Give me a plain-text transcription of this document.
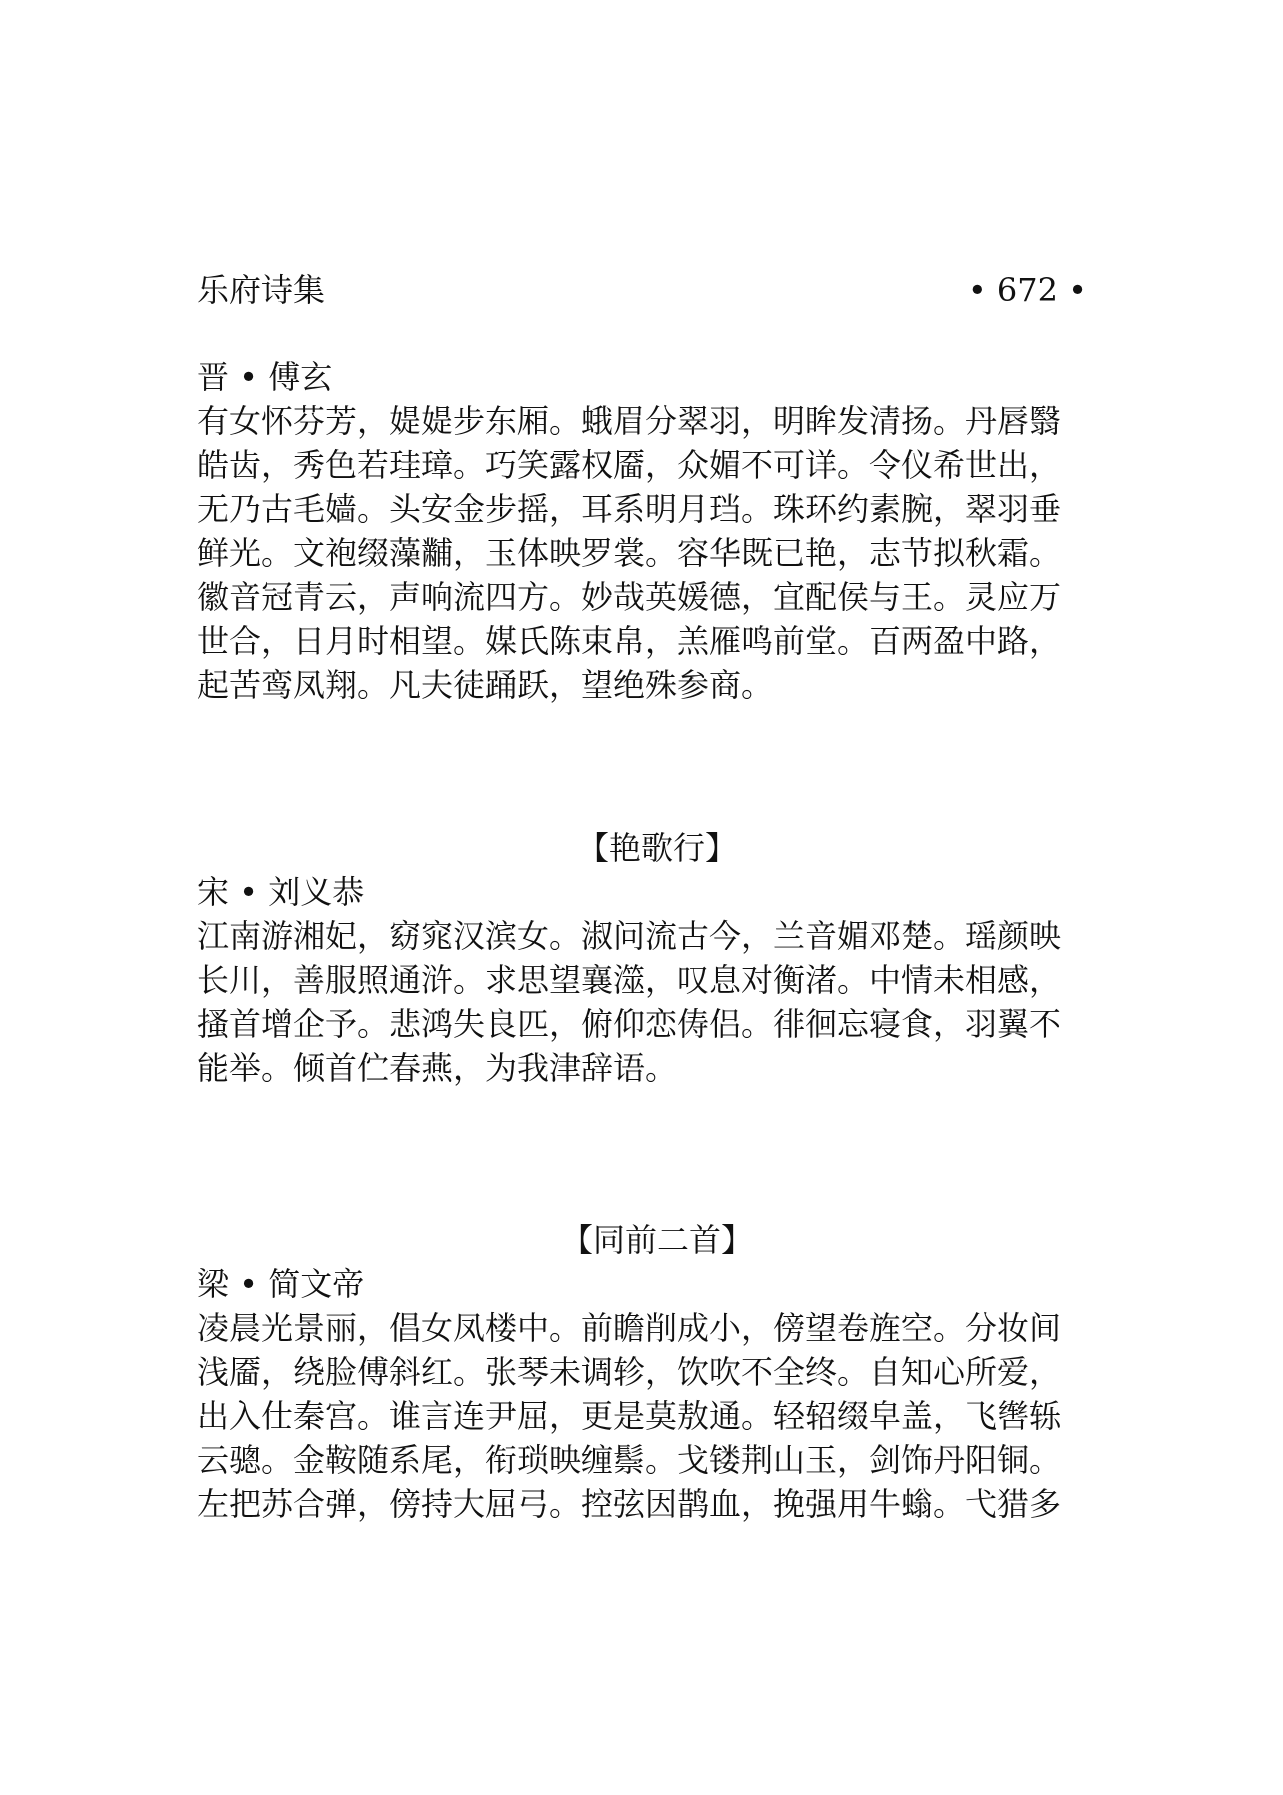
乐府诗集	• 672 •
晋 • 傅玄
有女怀芬芳，媞媞步东厢。蛾眉分翠羽，明眸发清扬。丹唇翳
皓齿，秀色若珪璋。巧笑露权靥，众媚不可详。令仪希世出，
无乃古毛嫱。头安金步摇，耳系明月珰。珠环约素腕，翠羽垂
鲜光。文袍缀藻黼，玉体映罗裳。容华既已艳，志节拟秋霜。
徽音冠青云，声响流四方。妙哉英媛德，宜配侯与王。灵应万
世合，日月时相望。媒氏陈束帛，羔雁鸣前堂。百两盈中路，
起苦鸾凤翔。凡夫徒踊跃，望绝殊参商。
【艳歌行】
宋 • 刘义恭
江南游湘妃，窈窕汉滨女。淑问流古今，兰音媚邓楚。瑶颜映
长川，善服照通浒。求思望襄澨，叹息对衡渚。中情未相感，
搔首增企予。悲鸿失良匹，俯仰恋俦侣。徘徊忘寝食，羽翼不
能举。倾首伫春燕，为我津辞语。
【同前二首】
梁 • 简文帝
凌晨光景丽，倡女凤楼中。前瞻削成小，傍望卷旌空。分妆间
浅靥，绕脸傅斜红。张琴未调轸，饮吹不全终。自知心所爱，
出入仕秦宫。谁言连尹屈，更是莫敖通。轻轺缀皁盖，飞辔轹
云骢。金鞍随系尾，衔琐映缠鬃。戈镂荆山玉，剑饰丹阳铜。
左把苏合弹，傍持大屈弓。控弦因鹊血，挽强用牛螉。弋猎多
